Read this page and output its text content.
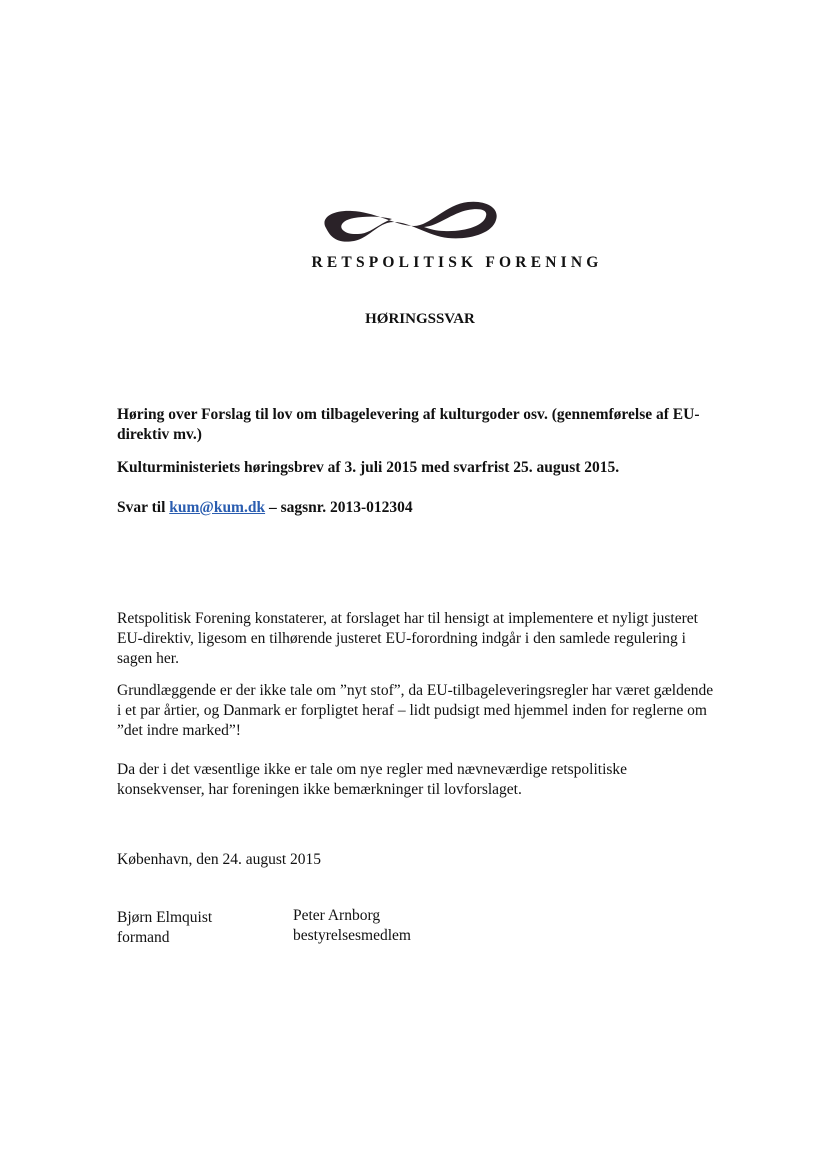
RETSPOLITISK FORENING
HØRINGSSVAR
Høring over Forslag til lov om tilbagelevering af kulturgoder osv. (gennemførelse af EU-direktiv mv.)
Kulturministeriets høringsbrev af 3. juli 2015 med svarfrist 25. august 2015.
Svar til kum@kum.dk – sagsnr. 2013-012304
Retspolitisk Forening konstaterer, at forslaget har til hensigt at implementere et nyligt justeret EU-direktiv, ligesom en tilhørende justeret EU-forordning indgår i den samlede regulering i sagen her.
Grundlæggende er der ikke tale om ”nyt stof”, da EU-tilbageleveringsregler har været gældende i et par årtier, og Danmark er forpligtet heraf – lidt pudsigt med hjemmel inden for reglerne om ”det indre marked”!
Da der i det væsentlige ikke er tale om nye regler med nævneværdige retspolitiske konsekvenser, har foreningen ikke bemærkninger til lovforslaget.
København, den 24. august 2015
Bjørn Elmquist
formand
Peter Arnborg
bestyrelsesmedlem
